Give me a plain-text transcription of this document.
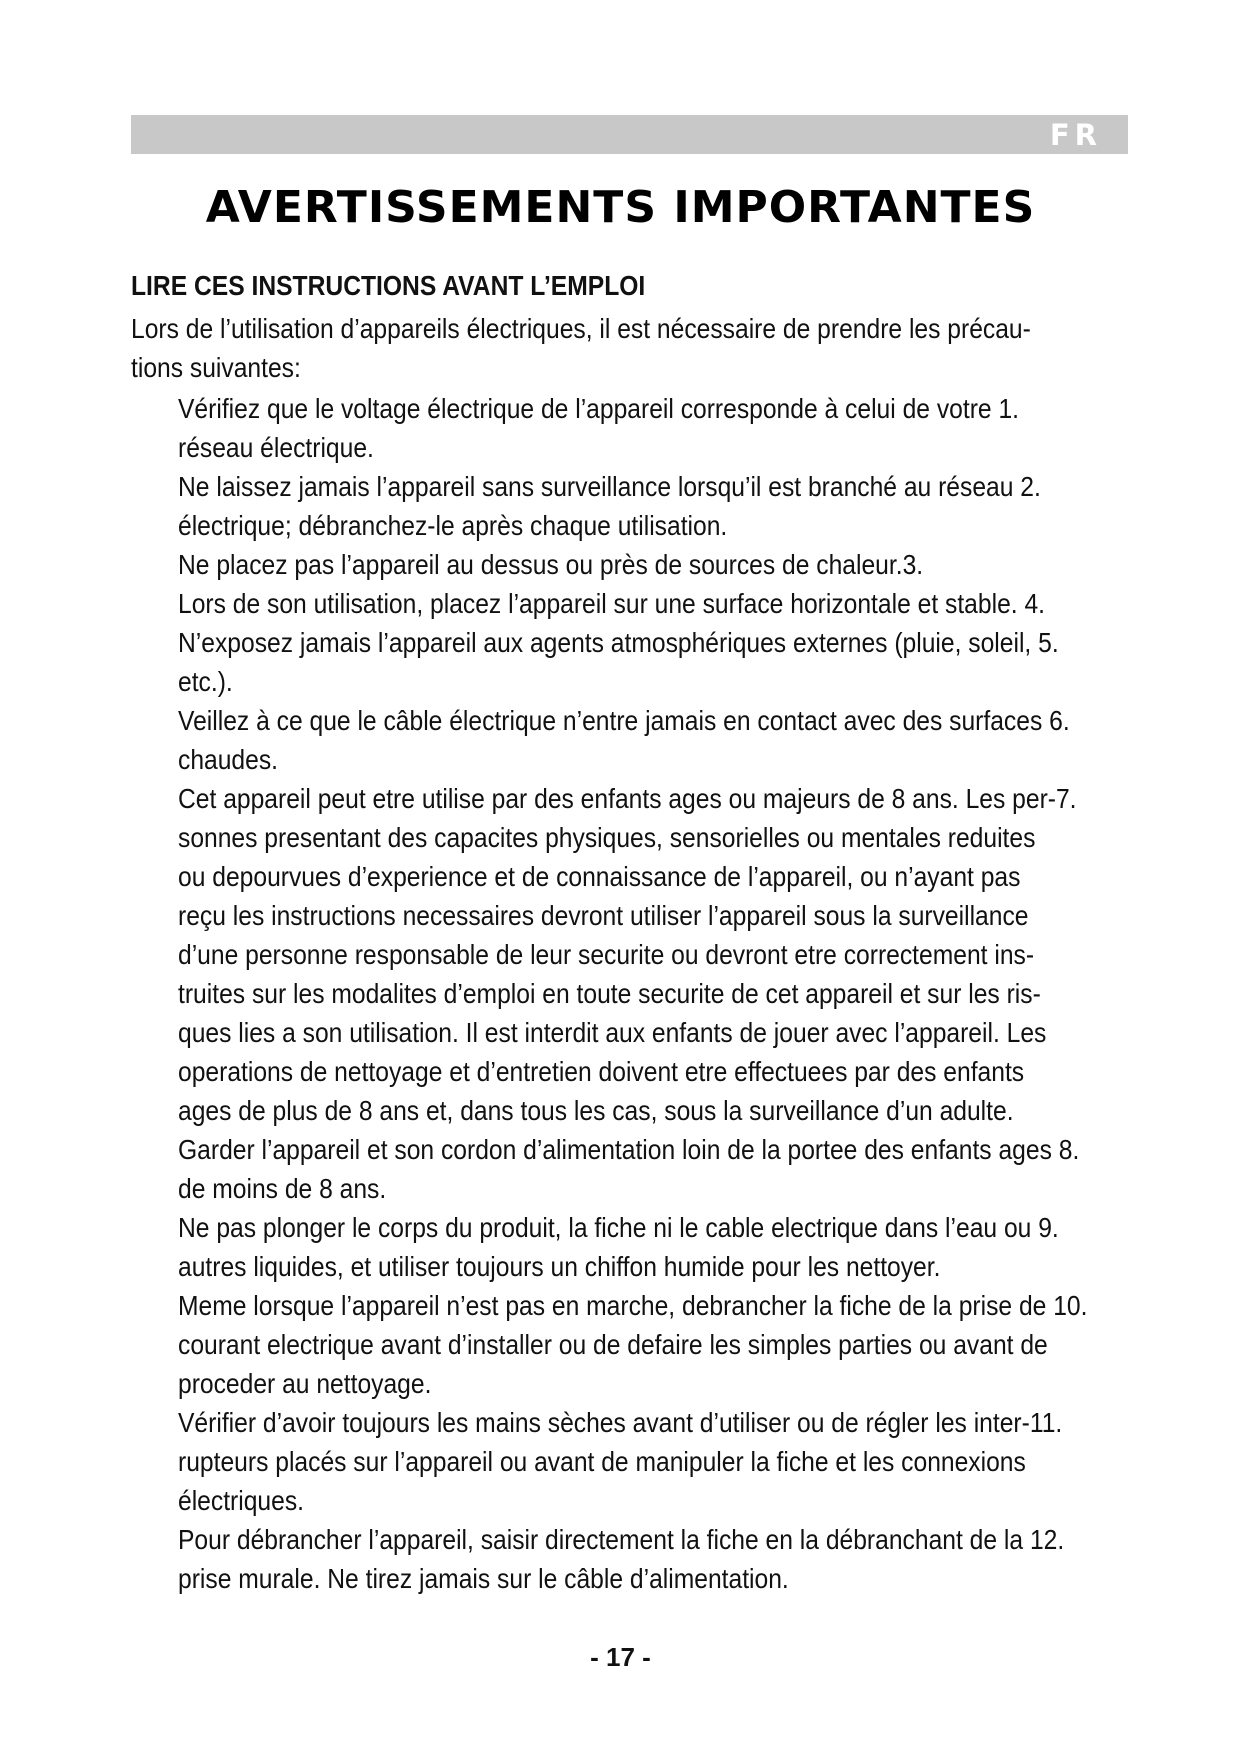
FR
AVERTISSEMENTS IMPORTANTES
LIRE CES INSTRUCTIONS AVANT L’EMPLOI
Lors de l’utilisation d’appareils électriques, il est nécessaire de prendre les précau-
tions suivantes:
Vérifiez que le voltage électrique de l’appareil corresponde à celui de votre 1.
réseau électrique.
Ne laissez jamais l’appareil sans surveillance lorsqu’il est branché au réseau 2.
électrique; débranchez-le après chaque utilisation.
Ne placez pas l’appareil au dessus ou près de sources de chaleur.3.
Lors de son utilisation, placez l’appareil sur une surface horizontale et stable. 4.
N’exposez jamais l’appareil aux agents atmosphériques externes (pluie, soleil, 5.
etc.).
Veillez à ce que le câble électrique n’entre jamais en contact avec des surfaces 6.
chaudes.
Cet appareil peut etre utilise par des enfants ages ou majeurs de 8 ans. Les per-7.
sonnes presentant des capacites physiques, sensorielles ou mentales reduites
ou depourvues d’experience et de connaissance de l’appareil, ou n’ayant pas
reçu les instructions necessaires devront utiliser l’appareil sous la surveillance
d’une personne responsable de leur securite ou devront etre correctement ins-
truites sur les modalites d’emploi en toute securite de cet appareil et sur les ris-
ques lies a son utilisation. Il est interdit aux enfants de jouer avec l’appareil. Les
operations de nettoyage et d’entretien doivent etre effectuees par des enfants
ages de plus de 8 ans et, dans tous les cas, sous la surveillance d’un adulte.
Garder l’appareil et son cordon d’alimentation loin de la portee des enfants ages 8.
de moins de 8 ans.
Ne pas plonger le corps du produit, la fiche ni le cable electrique dans l’eau ou 9.
autres liquides, et utiliser toujours un chiffon humide pour les nettoyer.
Meme lorsque l’appareil n’est pas en marche, debrancher la fiche de la prise de 10.
courant electrique avant d’installer ou de defaire les simples parties ou avant de
proceder au nettoyage.
Vérifier d’avoir toujours les mains sèches avant d’utiliser ou de régler les inter-11.
rupteurs placés sur l’appareil ou avant de manipuler la fiche et les connexions
électriques.
Pour débrancher l’appareil, saisir directement la fiche en la débranchant de la 12.
prise murale. Ne tirez jamais sur le câble d’alimentation.
- 17 -
